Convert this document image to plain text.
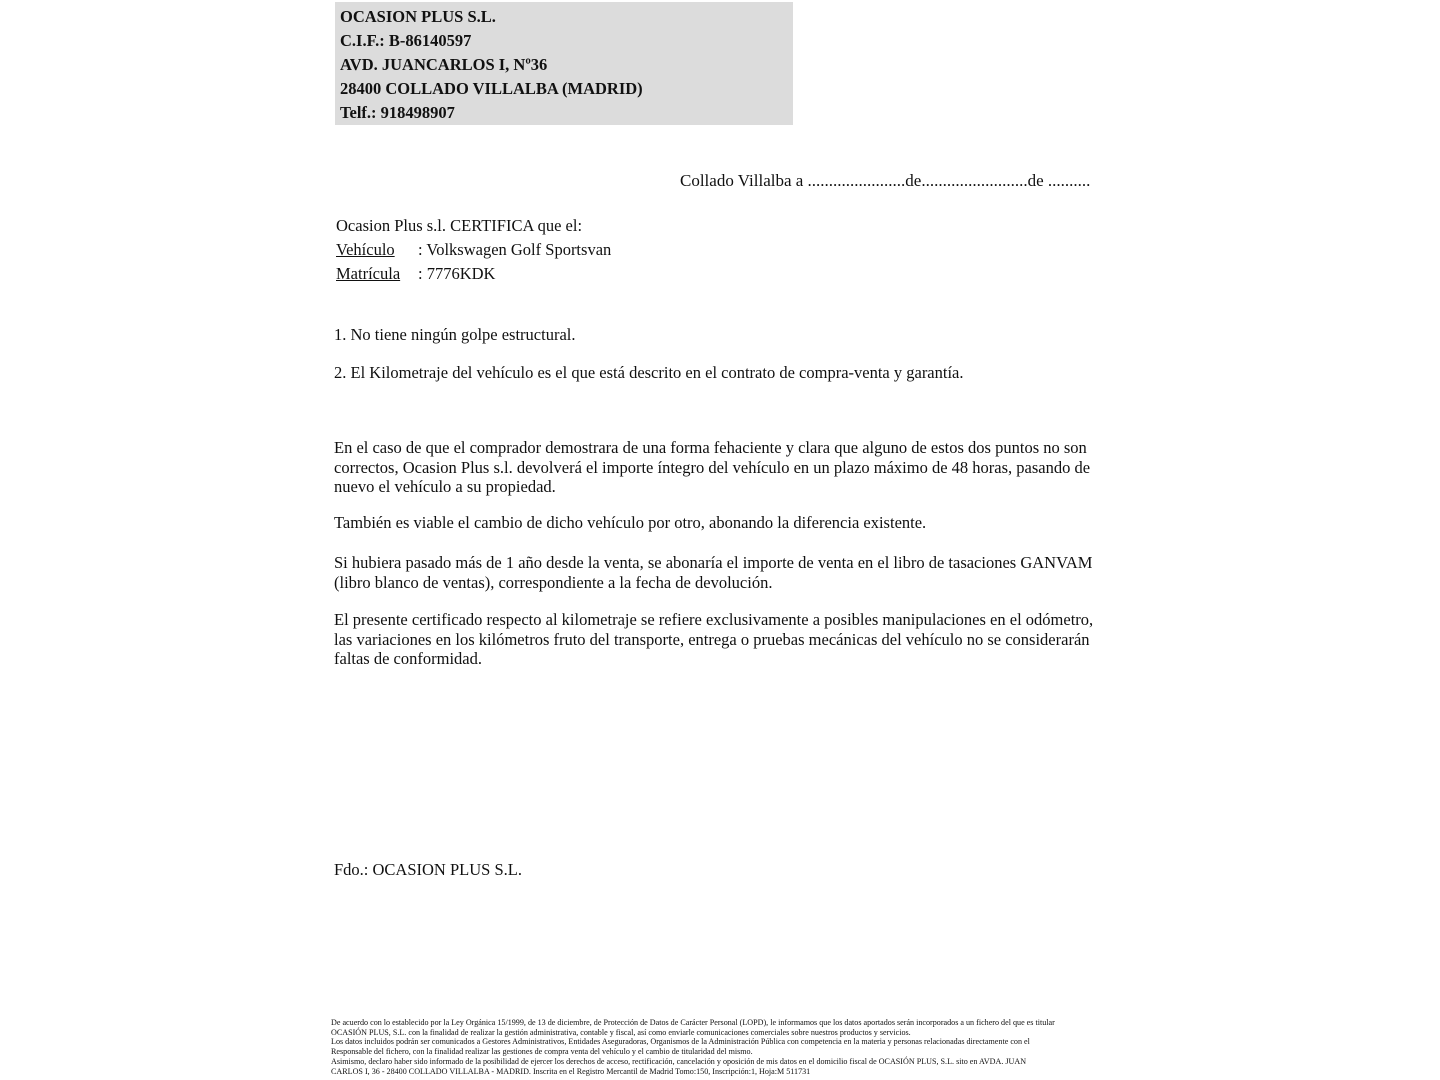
OCASION PLUS S.L.
C.I.F.: B-86140597
AVD. JUANCARLOS I, Nº36
28400 COLLADO VILLALBA (MADRID)
Telf.: 918498907
Collado Villalba a .......................de.........................de ..........
Ocasion Plus s.l. CERTIFICA que el:
Vehículo : Volkswagen Golf Sportsvan
Matrícula : 7776KDK
1. No tiene ningún golpe estructural.
2. El Kilometraje del vehículo es el que está descrito en el contrato de compra-venta y garantía.
En el caso de que el comprador demostrara de una forma fehaciente y clara que alguno de estos dos puntos no son correctos, Ocasion Plus s.l. devolverá el importe íntegro del vehículo en un plazo máximo de 48 horas, pasando de nuevo el vehículo a su propiedad.
También es viable el cambio de dicho vehículo por otro, abonando la diferencia existente.
Si hubiera pasado más de 1 año desde la venta, se abonaría el importe de venta en el libro de tasaciones GANVAM (libro blanco de ventas), correspondiente a la fecha de devolución.
El presente certificado respecto al kilometraje se refiere exclusivamente a posibles manipulaciones en el odómetro, las variaciones en los kilómetros fruto del transporte, entrega o pruebas mecánicas del vehículo no se considerarán faltas de conformidad.
Fdo.: OCASION PLUS S.L.
De acuerdo con lo establecido por la Ley Orgánica 15/1999, de 13 de diciembre, de Protección de Datos de Carácter Personal (LOPD), le informamos que los datos aportados serán incorporados a un fichero del que es titular
OCASIÓN PLUS, S.L. con la finalidad de realizar la gestión administrativa, contable y fiscal, así como enviarle comunicaciones comerciales sobre nuestros productos y servicios.
Los datos incluidos podrán ser comunicados a Gestores Administrativos, Entidades Aseguradoras, Organismos de la Administración Pública con competencia en la materia y personas relacionadas directamente con el
Responsable del fichero, con la finalidad realizar las gestiones de compra venta del vehículo y el cambio de titularidad del mismo.
Asimismo, declaro haber sido informado de la posibilidad de ejercer los derechos de acceso, rectificación, cancelación y oposición de mis datos en el domicilio fiscal de OCASIÓN PLUS, S.L. sito en AVDA. JUAN
CARLOS I, 36 - 28400 COLLADO VILLALBA - MADRID. Inscrita en el Registro Mercantil de Madrid Tomo:150, Inscripción:1, Hoja:M 511731
